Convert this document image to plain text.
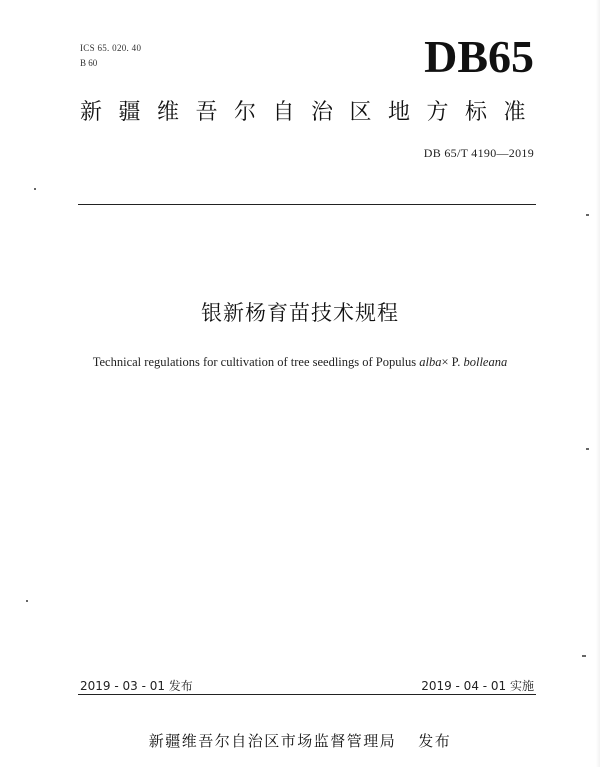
ICS 65. 020. 40
B 60	DB65
新疆维吾尔自治区地方标准
DB 65/T 4190—2019
银新杨育苗技术规程
Technical regulations for cultivation of tree seedlings of Populus alba× P. bolleana
2019 - 03 - 01 发布	2019 - 04 - 01 实施
新疆维吾尔自治区市场监督管理局 发布
